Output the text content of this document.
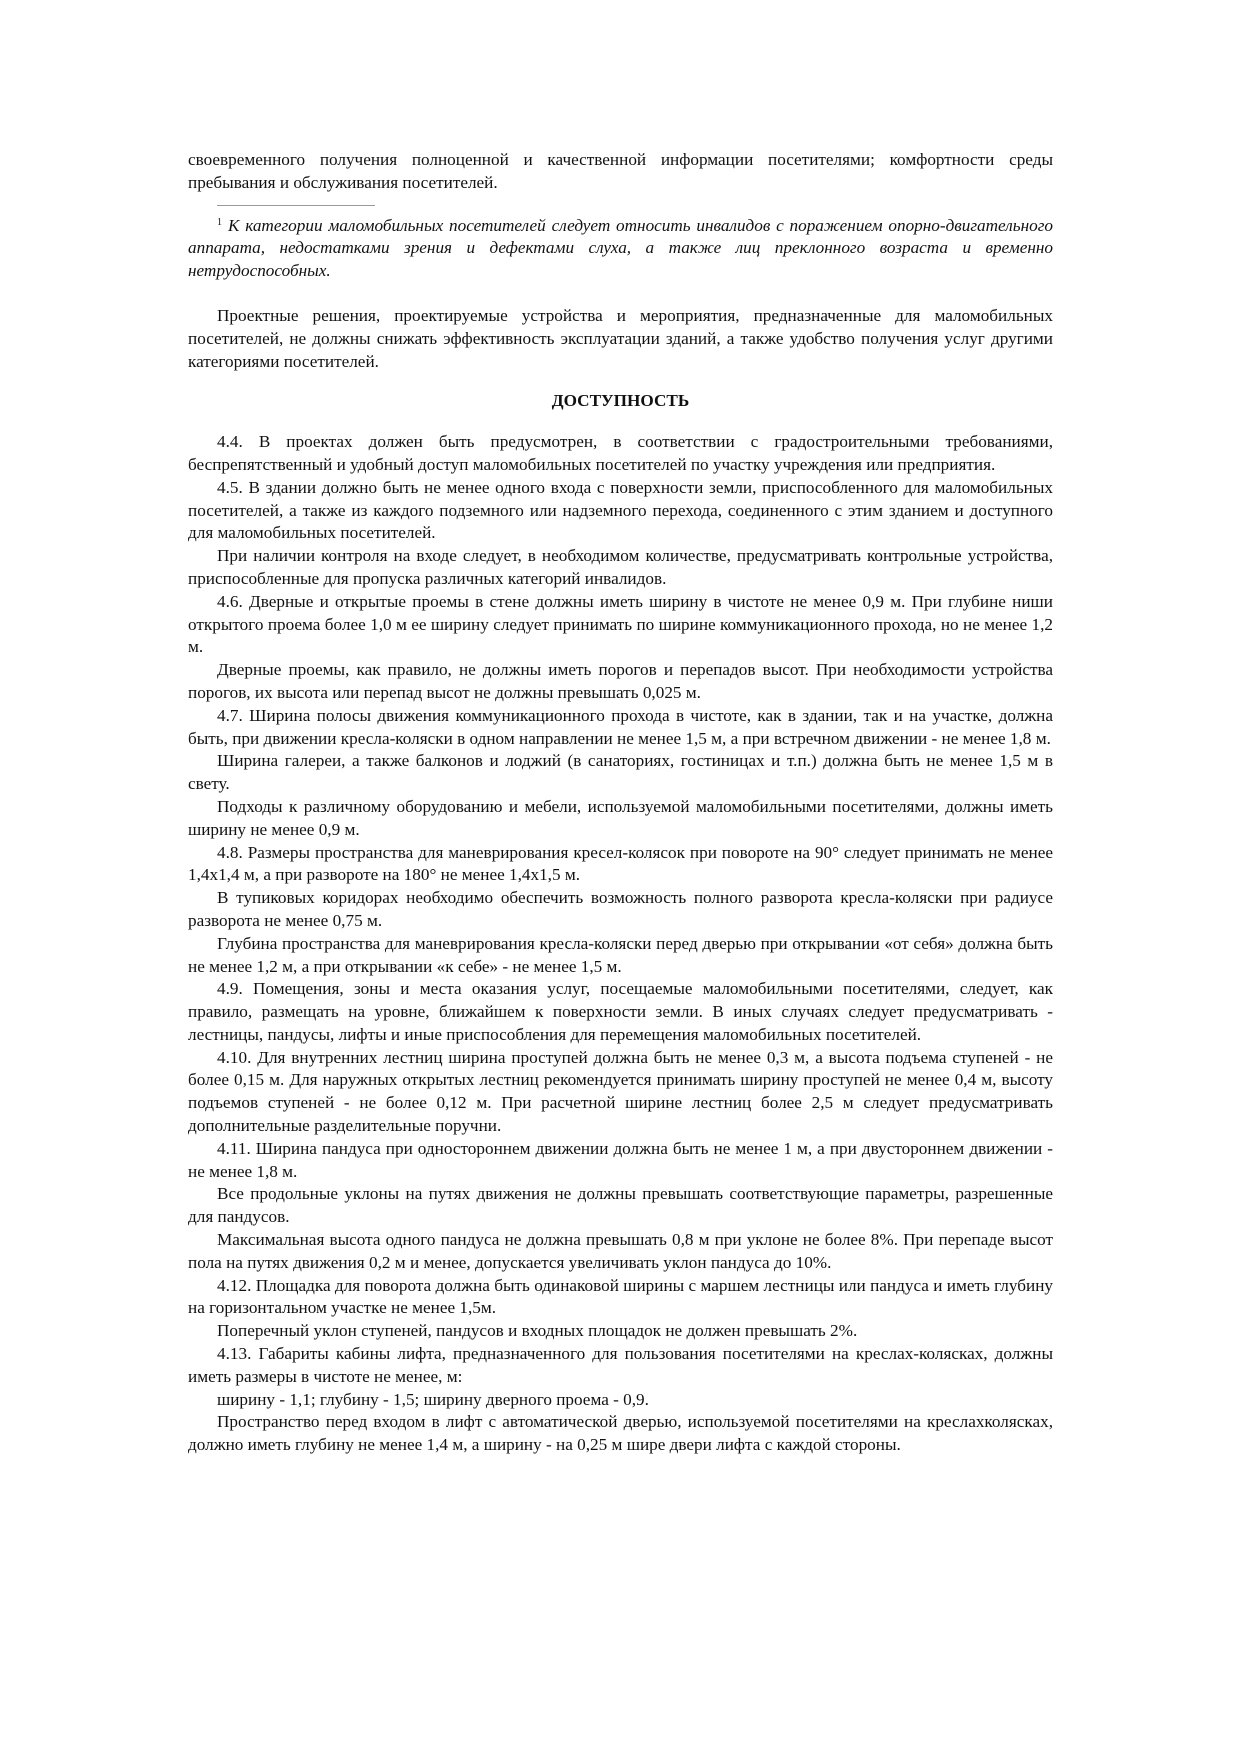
своевременного получения полноценной и качественной информации посетителями; комфортности среды пребывания и обслуживания посетителей.

$^1$ К категории маломобильных посетителей следует относить инвалидов с поражением опорно-двигательного аппарата, недостатками зрения и дефектами слуха, а также лиц преклонного возраста и временно нетрудоспособных.

Проектные решения, проектируемые устройства и мероприятия, предназначенные для маломобильных посетителей, не должны снижать эффективность эксплуатации зданий, а также удобство получения услуг другими категориями посетителей.

ДОСТУПНОСТЬ

4.4. В проектах должен быть предусмотрен, в соответствии с градостроительными требованиями, беспрепятственный и удобный доступ маломобильных посетителей по участку учреждения или предприятия.

4.5. В здании должно быть не менее одного входа с поверхности земли, приспособленного для маломобильных посетителей, а также из каждого подземного или надземного перехода, соединенного с этим зданием и доступного для маломобильных посетителей.

При наличии контроля на входе следует, в необходимом количестве, предусматривать контрольные устройства, приспособленные для пропуска различных категорий инвалидов.

4.6. Дверные и открытые проемы в стене должны иметь ширину в чистоте не менее 0,9 м. При глубине ниши открытого проема более 1,0 м ее ширину следует принимать по ширине коммуникационного прохода, но не менее 1,2 м.

Дверные проемы, как правило, не должны иметь порогов и перепадов высот. При необходимости устройства порогов, их высота или перепад высот не должны превышать 0,025 м.

4.7. Ширина полосы движения коммуникационного прохода в чистоте, как в здании, так и на участке, должна быть, при движении кресла-коляски в одном направлении не менее 1,5 м, а при встречном движении - не менее 1,8 м.

Ширина галереи, а также балконов и лоджий (в санаториях, гостиницах и т.п.) должна быть не менее 1,5 м в свету.

Подходы к различному оборудованию и мебели, используемой маломобильными посетителями, должны иметь ширину не менее 0,9 м.

4.8. Размеры пространства для маневрирования кресел-колясок при повороте на 90° следует принимать не менее 1,4х1,4 м, а при развороте на 180° не менее 1,4х1,5 м.

В тупиковых коридорах необходимо обеспечить возможность полного разворота кресла-коляски при радиусе разворота не менее 0,75 м.

Глубина пространства для маневрирования кресла-коляски перед дверью при открывании «от себя» должна быть не менее 1,2 м, а при открывании «к себе» - не менее 1,5 м.

4.9. Помещения, зоны и места оказания услуг, посещаемые маломобильными посетителями, следует, как правило, размещать на уровне, ближайшем к поверхности земли. В иных случаях следует предусматривать - лестницы, пандусы, лифты и иные приспособления для перемещения маломобильных посетителей.

4.10. Для внутренних лестниц ширина проступей должна быть не менее 0,3 м, а высота подъема ступеней - не более 0,15 м. Для наружных открытых лестниц рекомендуется принимать ширину проступей не менее 0,4 м, высоту подъемов ступеней - не более 0,12 м. При расчетной ширине лестниц более 2,5 м следует предусматривать дополнительные разделительные поручни.

4.11. Ширина пандуса при одностороннем движении должна быть не менее 1 м, а при двустороннем движении - не менее 1,8 м.

Все продольные уклоны на путях движения не должны превышать соответствующие параметры, разрешенные для пандусов.

Максимальная высота одного пандуса не должна превышать 0,8 м при уклоне не более 8%. При перепаде высот пола на путях движения 0,2 м и менее, допускается увеличивать уклон пандуса до 10%.

4.12. Площадка для поворота должна быть одинаковой ширины с маршем лестницы или пандуса и иметь глубину на горизонтальном участке не менее 1,5м.

Поперечный уклон ступеней, пандусов и входных площадок не должен превышать 2%.

4.13. Габариты кабины лифта, предназначенного для пользования посетителями на креслах-колясках, должны иметь размеры в чистоте не менее, м:

ширину - 1,1; глубину - 1,5; ширину дверного проема - 0,9.

Пространство перед входом в лифт с автоматической дверью, используемой посетителями на креслахколясках, должно иметь глубину не менее 1,4 м, а ширину - на 0,25 м шире двери лифта с каждой стороны.
